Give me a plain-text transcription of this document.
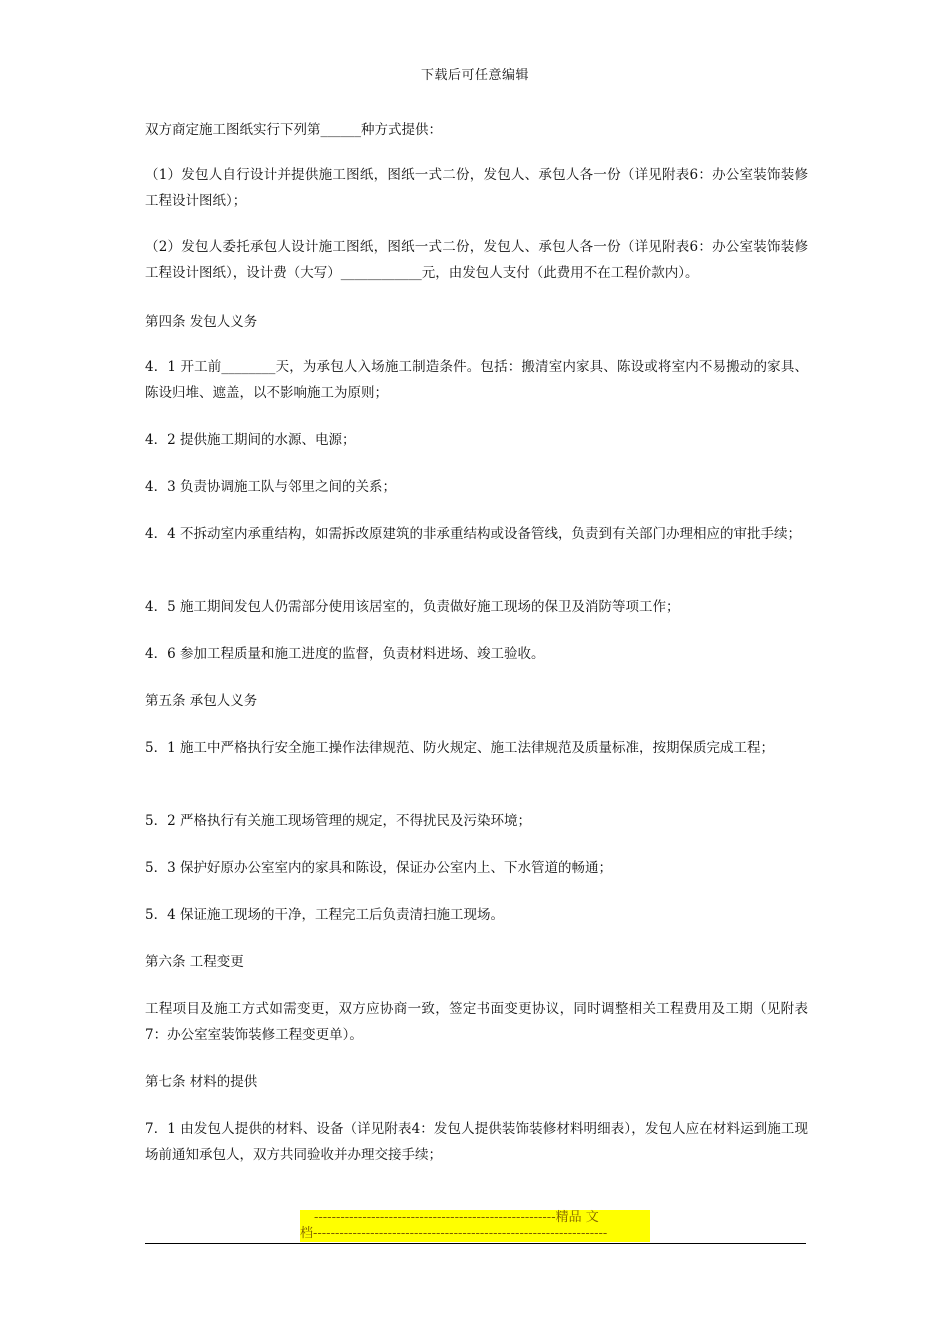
下载后可任意编辑

双方商定施工图纸实行下列第______种方式提供：

（1）发包人自行设计并提供施工图纸，图纸一式二份，发包人、承包人各一份（详见附表6：办公室装饰装修工程设计图纸）；

（2）发包人委托承包人设计施工图纸，图纸一式二份，发包人、承包人各一份（详见附表6：办公室装饰装修工程设计图纸），设计费（大写）____________元，由发包人支付（此费用不在工程价款内）。

第四条 发包人义务

4．1 开工前________天，为承包人入场施工制造条件。包括：搬清室内家具、陈设或将室内不易搬动的家具、陈设归堆、遮盖，以不影响施工为原则；

4．2 提供施工期间的水源、电源；

4．3 负责协调施工队与邻里之间的关系；

4．4 不拆动室内承重结构，如需拆改原建筑的非承重结构或设备管线，负责到有关部门办理相应的审批手续；

4．5 施工期间发包人仍需部分使用该居室的，负责做好施工现场的保卫及消防等项工作；

4．6 参加工程质量和施工进度的监督，负责材料进场、竣工验收。

第五条 承包人义务

5．1 施工中严格执行安全施工操作法律规范、防火规定、施工法律规范及质量标准，按期保质完成工程；

5．2 严格执行有关施工现场管理的规定，不得扰民及污染环境；

5．3 保护好原办公室室内的家具和陈设，保证办公室内上、下水管道的畅通；

5．4 保证施工现场的干净，工程完工后负责清扫施工现场。

第六条 工程变更

工程项目及施工方式如需变更，双方应协商一致，签定书面变更协议，同时调整相关工程费用及工期（见附表7：办公室室装饰装修工程变更单）。

第七条 材料的提供

7．1 由发包人提供的材料、设备（详见附表4：发包人提供装饰装修材料明细表），发包人应在材料运到施工现场前通知承包人，双方共同验收并办理交接手续；

-------------------------------------------------------精品 文
档-------------------------------------------------------------------
